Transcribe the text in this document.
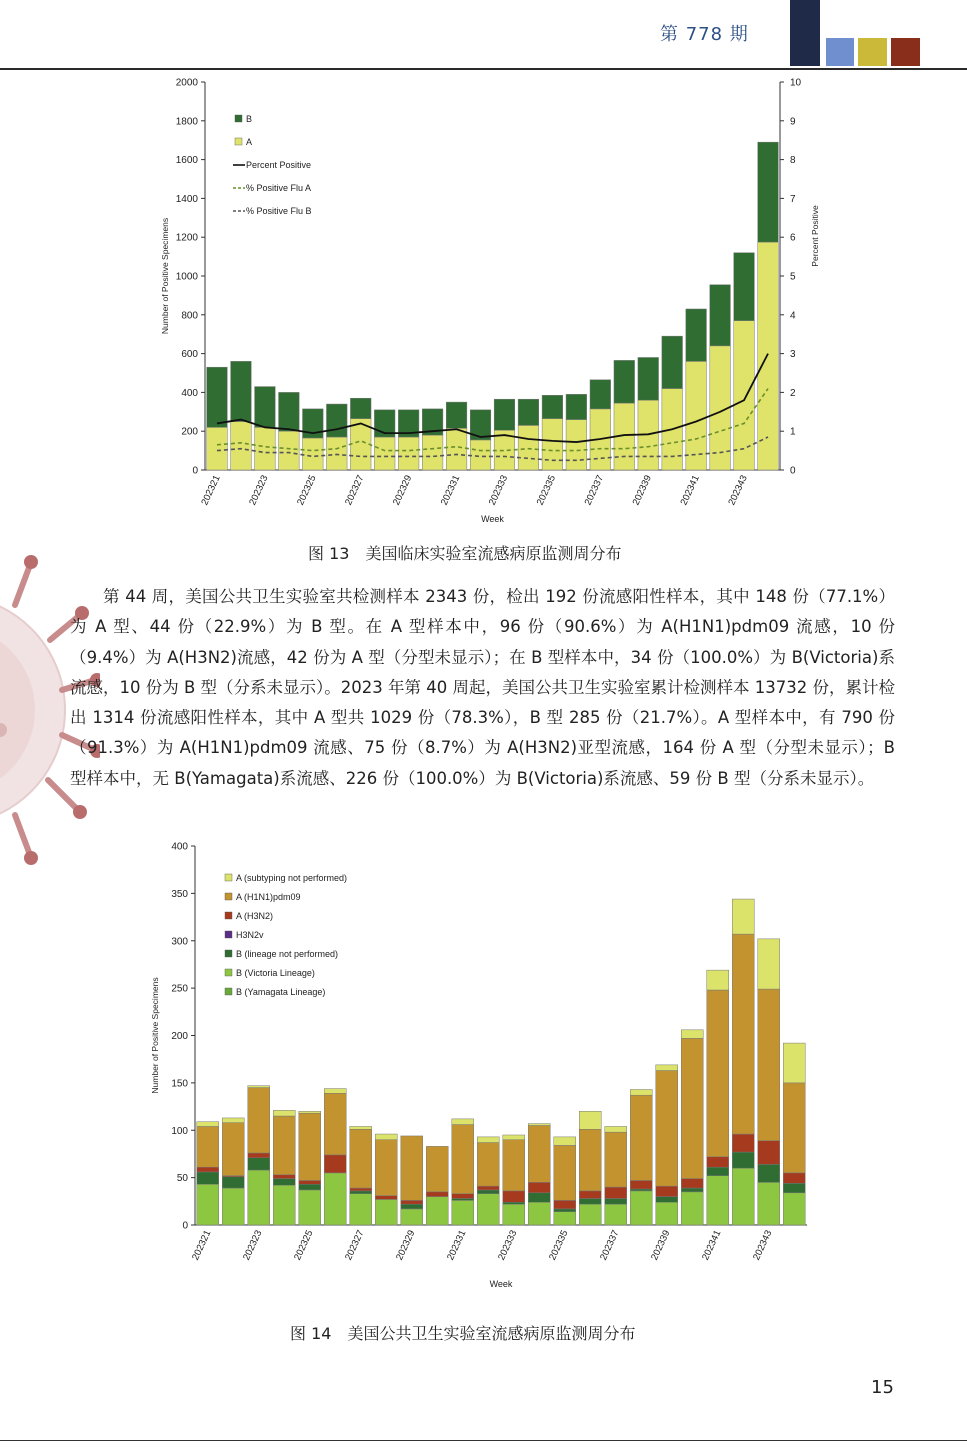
第 778 期
0
200
400
600
800
1000
1200
1400
1600
1800
2000
Number of Positive Specimens
202321	202323	202325	202327	202329	202331	202333	202335	202337	202339	202341	202343
Week
0
1
2
3
4
5
6
7
8
9
10
Percent Positive
B
A
Percent Positive
% Positive Flu A
% Positive Flu B
图 13　美国临床实验室流感病原监测周分布

第 44 周，美国公共卫生实验室共检测样本 2343 份，检出 192 份流感阳性样本，其中 148 份（77.1%）为 A 型、44 份（22.9%）为 B 型。在 A 型样本中，96 份（90.6%）为 A(H1N1)pdm09 流感，10 份（9.4%）为 A(H3N2)流感，42 份为 A 型（分型未显示）；在 B 型样本中，34 份（100.0%）为 B(Victoria)系流感，10 份为 B 型（分系未显示）。2023 年第 40 周起，美国公共卫生实验室累计检测样本 13732 份，累计检出 1314 份流感阳性样本，其中 A 型共 1029 份（78.3%），B 型 285 份（21.7%）。A 型样本中，有 790 份（91.3%）为 A(H1N1)pdm09 流感、75 份（8.7%）为 A(H3N2)亚型流感，164 份 A 型（分型未显示）；B 型样本中，无 B(Yamagata)系流感、226 份（100.0%）为 B(Victoria)系流感、59 份 B 型（分系未显示）。

0
50
100
150
200
250
300
350
400
Number of Positive Specimens
202321	202323	202325	202327	202329	202331	202333	202335	202337	202339	202341	202343
Week
A (subtyping not performed)
A (H1N1)pdm09
A (H3N2)
H3N2v
B (lineage not performed)
B (Victoria Lineage)
B (Yamagata Lineage)
图 14　美国公共卫生实验室流感病原监测周分布
15
